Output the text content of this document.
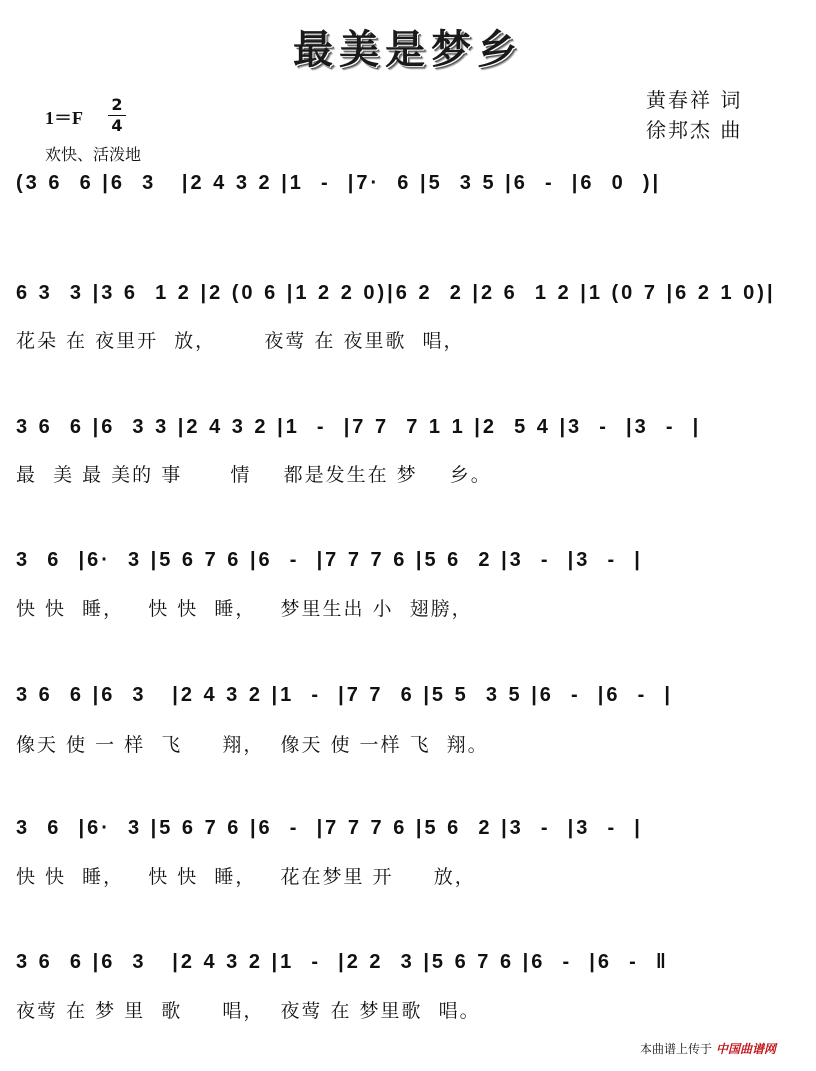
最美是梦乡
1＝F
2
4
欢快、活泼地
黄春祥 词
徐邦杰 曲
(3 6  6 |6  3   |2 4 3 2 |1  -  |7·  6 |5  3 5 |6  -  |6  0  )|
6 3  3 |3 6  1 2 |2 (0 6 |1 2 2 0)|6 2  2 |2 6  1 2 |1 (0 7 |6 2 1 0)|
花朵 在 夜里开  放，      夜莺 在 夜里歌  唱，
3 6  6 |6  3 3 |2 4 3 2 |1  -  |7 7  7 1 1 |2  5 4 |3  -  |3  -  |
最  美 最 美的 事      情    都是发生在 梦    乡。
3  6  |6·  3 |5 6 7 6 |6  -  |7 7 7 6 |5 6  2 |3  -  |3  -  |
快 快  睡，   快 快  睡，   梦里生出 小  翅膀，
3 6  6 |6  3   |2 4 3 2 |1  -  |7 7  6 |5 5  3 5 |6  -  |6  -  |
像天 使 一 样  飞     翔，  像天 使 一样 飞  翔。
3  6  |6·  3 |5 6 7 6 |6  -  |7 7 7 6 |5 6  2 |3  -  |3  -  |
快 快  睡，   快 快  睡，   花在梦里 开     放，
3 6  6 |6  3   |2 4 3 2 |1  -  |2 2  3 |5 6 7 6 |6  -  |6  -  ‖
夜莺 在 梦 里  歌     唱，  夜莺 在 梦里歌  唱。
本曲谱上传于 中国曲谱网
